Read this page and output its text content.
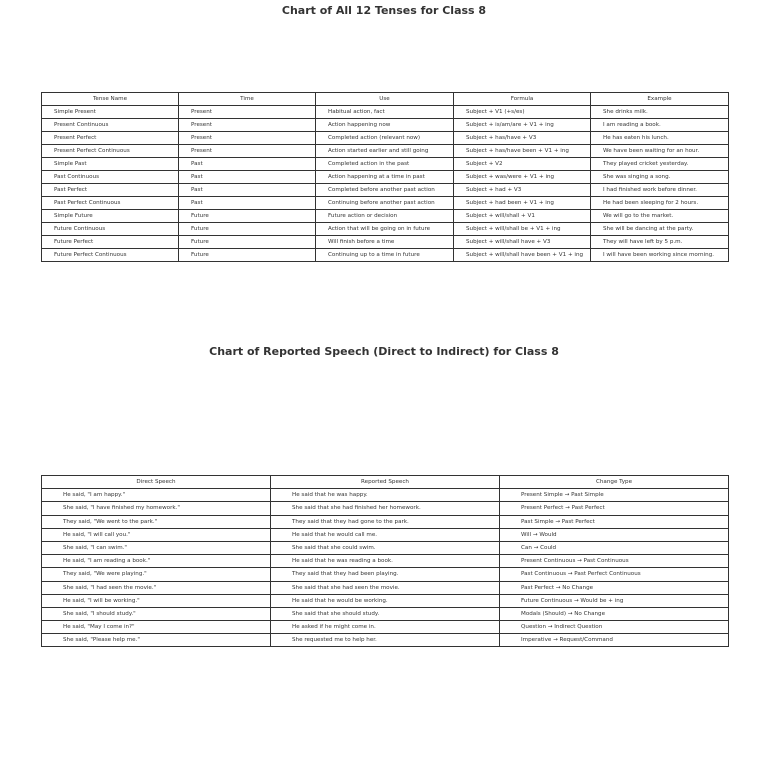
Chart of All 12 Tenses for Class 8
Tense Name	Time	Use	Formula	Example
Simple Present	Present	Habitual action, fact	Subject + V1 (+s/es)	She drinks milk.
Present Continuous	Present	Action happening now	Subject + is/am/are + V1 + ing	I am reading a book.
Present Perfect	Present	Completed action (relevant now)	Subject + has/have + V3	He has eaten his lunch.
Present Perfect Continuous	Present	Action started earlier and still going	Subject + has/have been + V1 + ing	We have been waiting for an hour.
Simple Past	Past	Completed action in the past	Subject + V2	They played cricket yesterday.
Past Continuous	Past	Action happening at a time in past	Subject + was/were + V1 + ing	She was singing a song.
Past Perfect	Past	Completed before another past action	Subject + had + V3	I had finished work before dinner.
Past Perfect Continuous	Past	Continuing before another past action	Subject + had been + V1 + ing	He had been sleeping for 2 hours.
Simple Future	Future	Future action or decision	Subject + will/shall + V1	We will go to the market.
Future Continuous	Future	Action that will be going on in future	Subject + will/shall be + V1 + ing	She will be dancing at the party.
Future Perfect	Future	Will finish before a time	Subject + will/shall have + V3	They will have left by 5 p.m.
Future Perfect Continuous	Future	Continuing up to a time in future	Subject + will/shall have been + V1 + ing	I will have been working since morning.
Chart of Reported Speech (Direct to Indirect) for Class 8
Direct Speech	Reported Speech	Change Type
He said, "I am happy."	He said that he was happy.	Present Simple → Past Simple
She said, "I have finished my homework."	She said that she had finished her homework.	Present Perfect → Past Perfect
They said, "We went to the park."	They said that they had gone to the park.	Past Simple → Past Perfect
He said, "I will call you."	He said that he would call me.	Will → Would
She said, "I can swim."	She said that she could swim.	Can → Could
He said, "I am reading a book."	He said that he was reading a book.	Present Continuous → Past Continuous
They said, "We were playing."	They said that they had been playing.	Past Continuous → Past Perfect Continuous
She said, "I had seen the movie."	She said that she had seen the movie.	Past Perfect → No Change
He said, "I will be working."	He said that he would be working.	Future Continuous → Would be + ing
She said, "I should study."	She said that she should study.	Modals (Should) → No Change
He said, "May I come in?"	He asked if he might come in.	Question → Indirect Question
She said, "Please help me."	She requested me to help her.	Imperative → Request/Command
